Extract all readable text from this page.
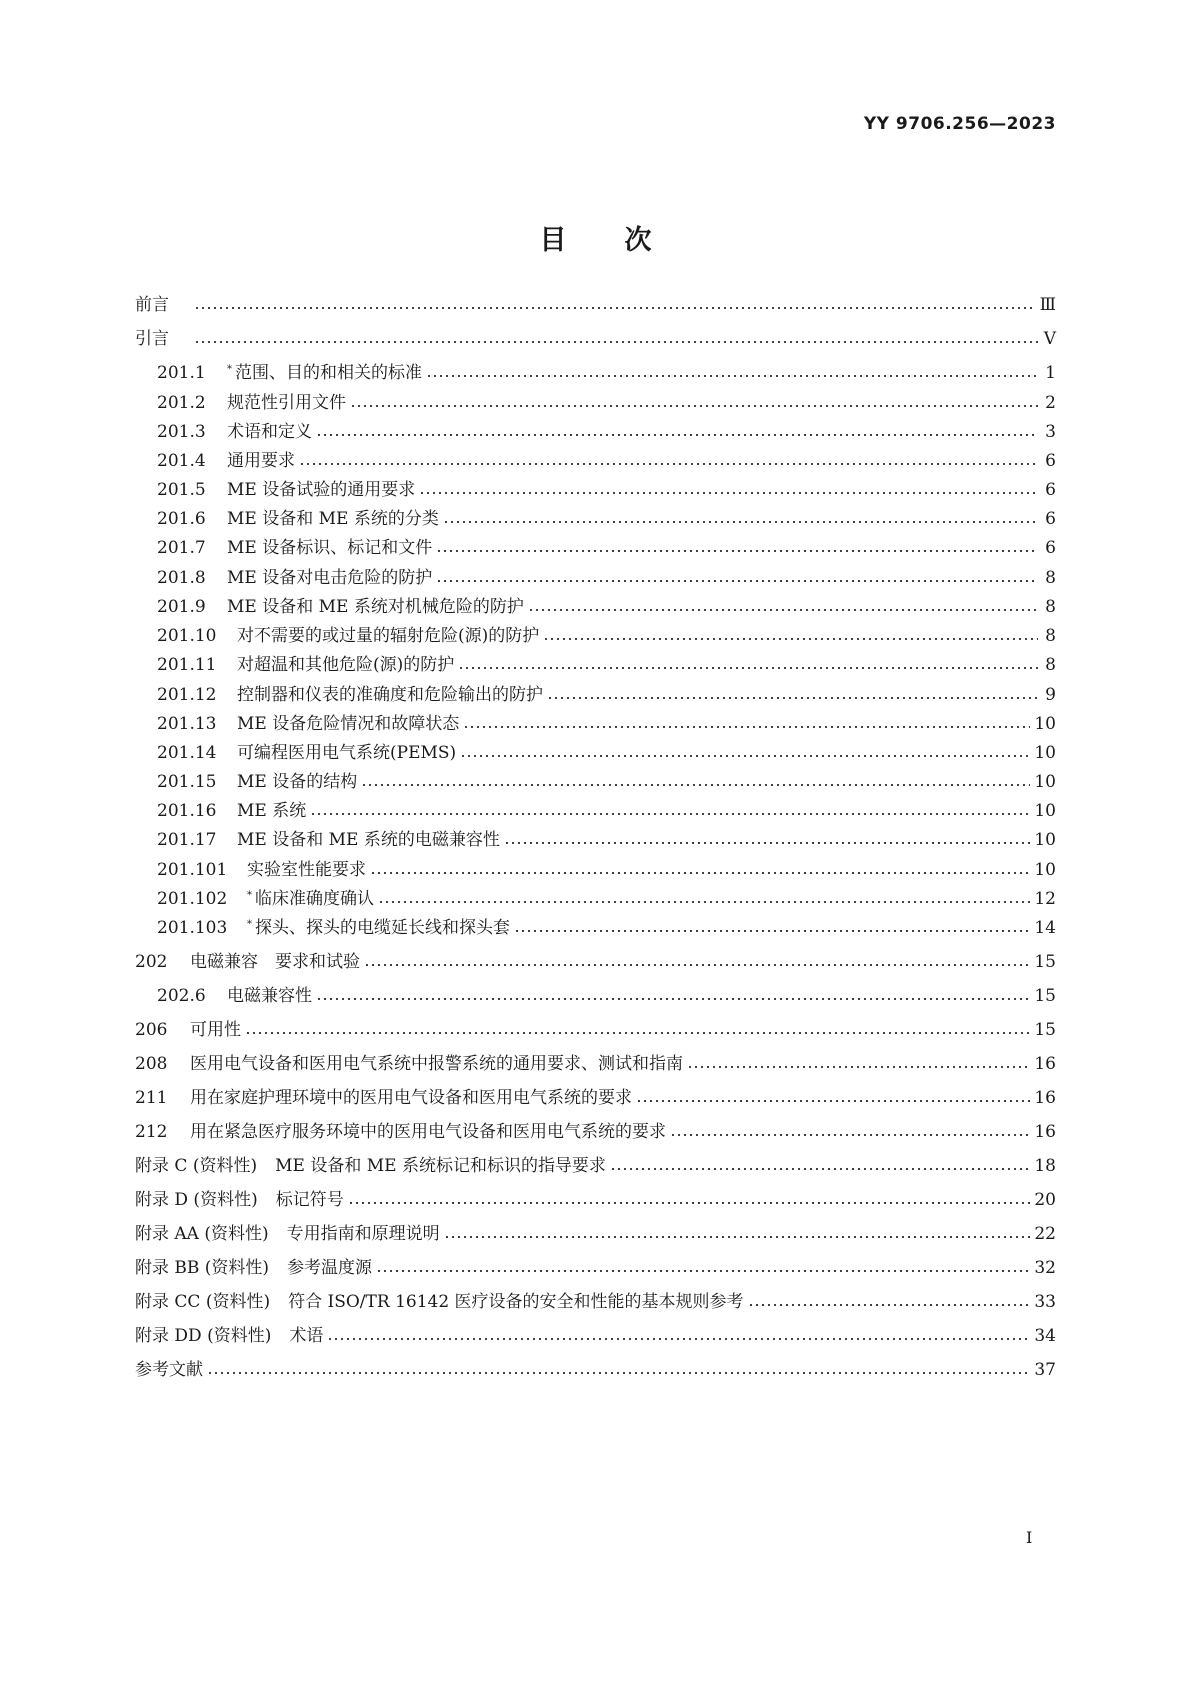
YY 9706.256—2023
目次
前言	Ⅲ
引言	Ⅴ
201.1 * 范围、目的和相关的标准	1
201.2 规范性引用文件	2
201.3 术语和定义	3
201.4 通用要求	6
201.5 ME 设备试验的通用要求	6
201.6 ME 设备和 ME 系统的分类	6
201.7 ME 设备标识、标记和文件	6
201.8 ME 设备对电击危险的防护	8
201.9 ME 设备和 ME 系统对机械危险的防护	8
201.10 对不需要的或过量的辐射危险(源)的防护	8
201.11 对超温和其他危险(源)的防护	8
201.12 控制器和仪表的准确度和危险输出的防护	9
201.13 ME 设备危险情况和故障状态	10
201.14 可编程医用电气系统(PEMS)	10
201.15 ME 设备的结构	10
201.16 ME 系统	10
201.17 ME 设备和 ME 系统的电磁兼容性	10
201.101 实验室性能要求	10
201.102 * 临床准确度确认	12
201.103 * 探头、探头的电缆延长线和探头套	14
202 电磁兼容　要求和试验	15
202.6 电磁兼容性	15
206 可用性	15
208 医用电气设备和医用电气系统中报警系统的通用要求、测试和指南	16
211 用在家庭护理环境中的医用电气设备和医用电气系统的要求	16
212 用在紧急医疗服务环境中的医用电气设备和医用电气系统的要求	16
附录 C (资料性) ME 设备和 ME 系统标记和标识的指导要求	18
附录 D (资料性) 标记符号	20
附录 AA (资料性) 专用指南和原理说明	22
附录 BB (资料性) 参考温度源	32
附录 CC (资料性) 符合 ISO/TR 16142 医疗设备的安全和性能的基本规则参考	33
附录 DD (资料性) 术语	34
参考文献	37
I
